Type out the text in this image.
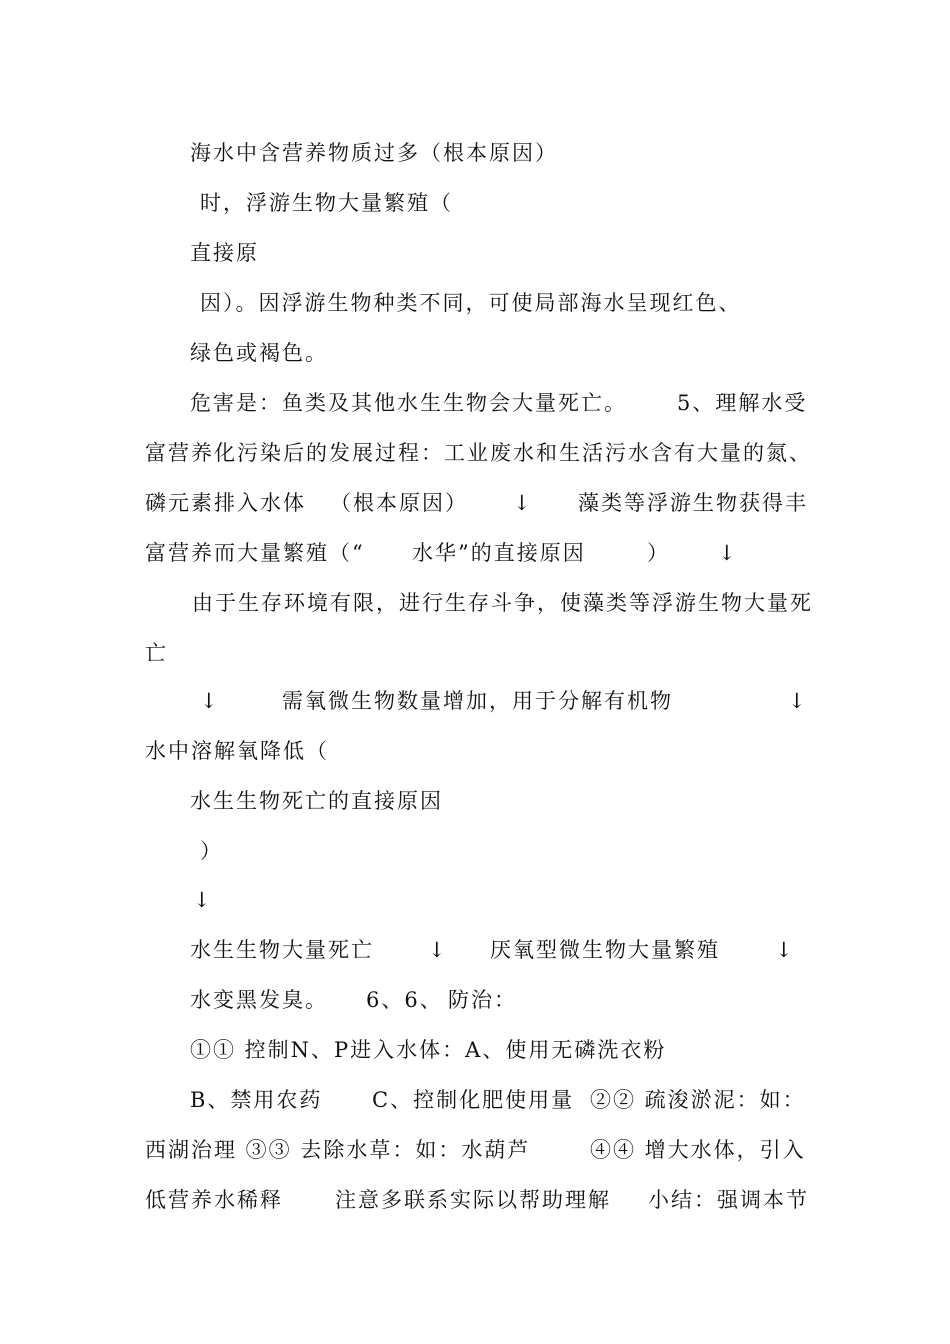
海水中含营养物质过多（根本原因）
时，浮游生物大量繁殖（
直接原
因）。因浮游生物种类不同，可使局部海水呈现红色、
绿色或褐色。
危害是：鱼类及其他水生生物会大量死亡。 5、理解水受
富营养化污染后的发展过程：工业废水和生活污水含有大量的氮、
磷元素排入水体 （根本原因） ↓ 藻类等浮游生物获得丰
富营养而大量繁殖（“ 水华”的直接原因	） ↓
由于生存环境有限，进行生存斗争，使藻类等浮游生物大量死
亡
↓	需氧微生物数量增加，用于分解有机物	↓
水中溶解氧降低（
水生生物死亡的直接原因
）
↓
水生生物大量死亡	↓ 厌氧型微生物大量繁殖	↓
水变黑发臭。 6、6、 防治：
①① 控制N、P进入水体：A、使用无磷洗衣粉
B、禁用农药 C、控制化肥使用量 ②② 疏浚淤泥：如：
西湖治理 ③③ 去除水草：如：水葫芦	④④ 增大水体，引入
低营养水稀释 注意多联系实际以帮助理解 小结：强调本节
